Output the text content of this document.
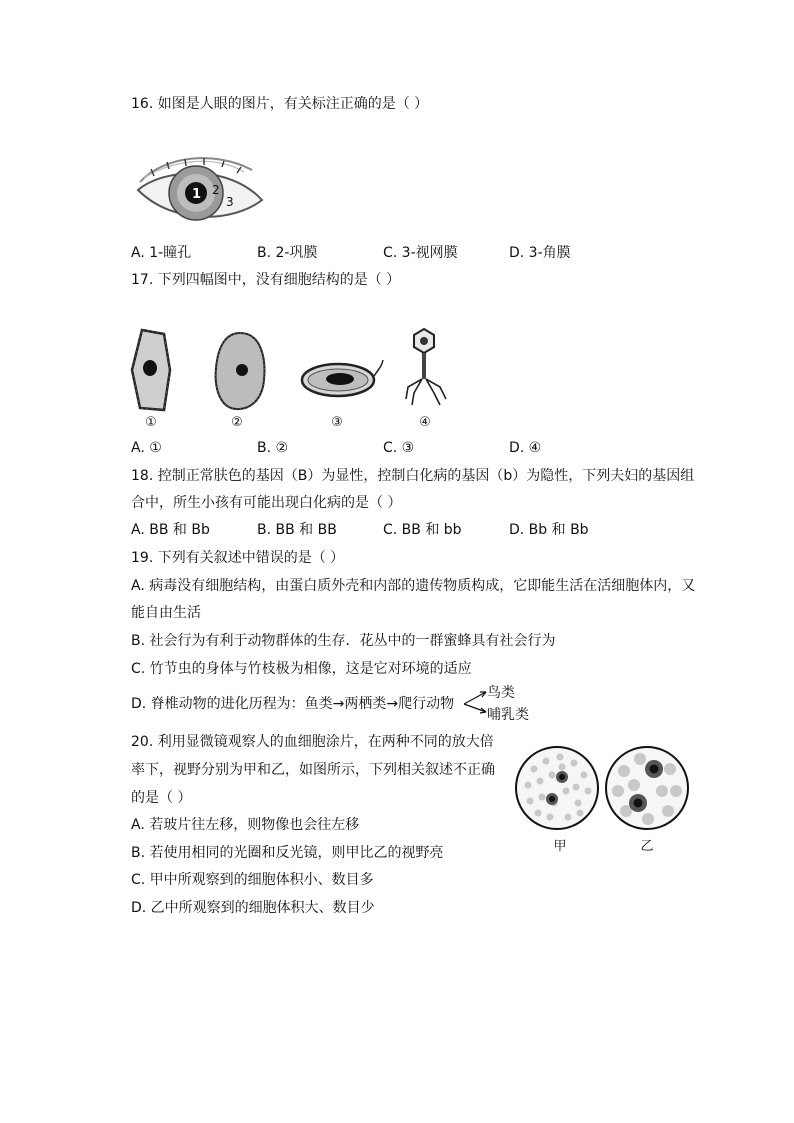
16. 如图是人眼的图片，有关标注正确的是（ ）
1 2
3
A. 1-瞳孔	B. 2-巩膜	C. 3-视网膜	D. 3-角膜
17. 下列四幅图中，没有细胞结构的是（ ）
①	②	③	④
A. ①	B. ②	C. ③	D. ④
18. 控制正常肤色的基因（B）为显性，控制白化病的基因（b）为隐性，下列夫妇的基因组
合中，所生小孩有可能出现白化病的是（ ）
A. BB 和 Bb	B. BB 和 BB	C. BB 和 bb	D. Bb 和 Bb
19. 下列有关叙述中错误的是（ ）
A. 病毒没有细胞结构，由蛋白质外壳和内部的遗传物质构成，它即能生活在活细胞体内，又
能自由生活
B. 社会行为有利于动物群体的生存．花丛中的一群蜜蜂具有社会行为
C. 竹节虫的身体与竹枝极为相像，这是它对环境的适应
D. 脊椎动物的进化历程为：鱼类→两栖类→爬行动物
鸟类
哺乳类
20. 利用显微镜观察人的血细胞涂片，在两种不同的放大倍
率下，视野分别为甲和乙，如图所示，下列相关叙述不正确
的是（ ）
A. 若玻片往左移，则物像也会往左移
B. 若使用相同的光圈和反光镜，则甲比乙的视野亮
C. 甲中所观察到的细胞体积小、数目多
D. 乙中所观察到的细胞体积大、数目少
甲	乙
